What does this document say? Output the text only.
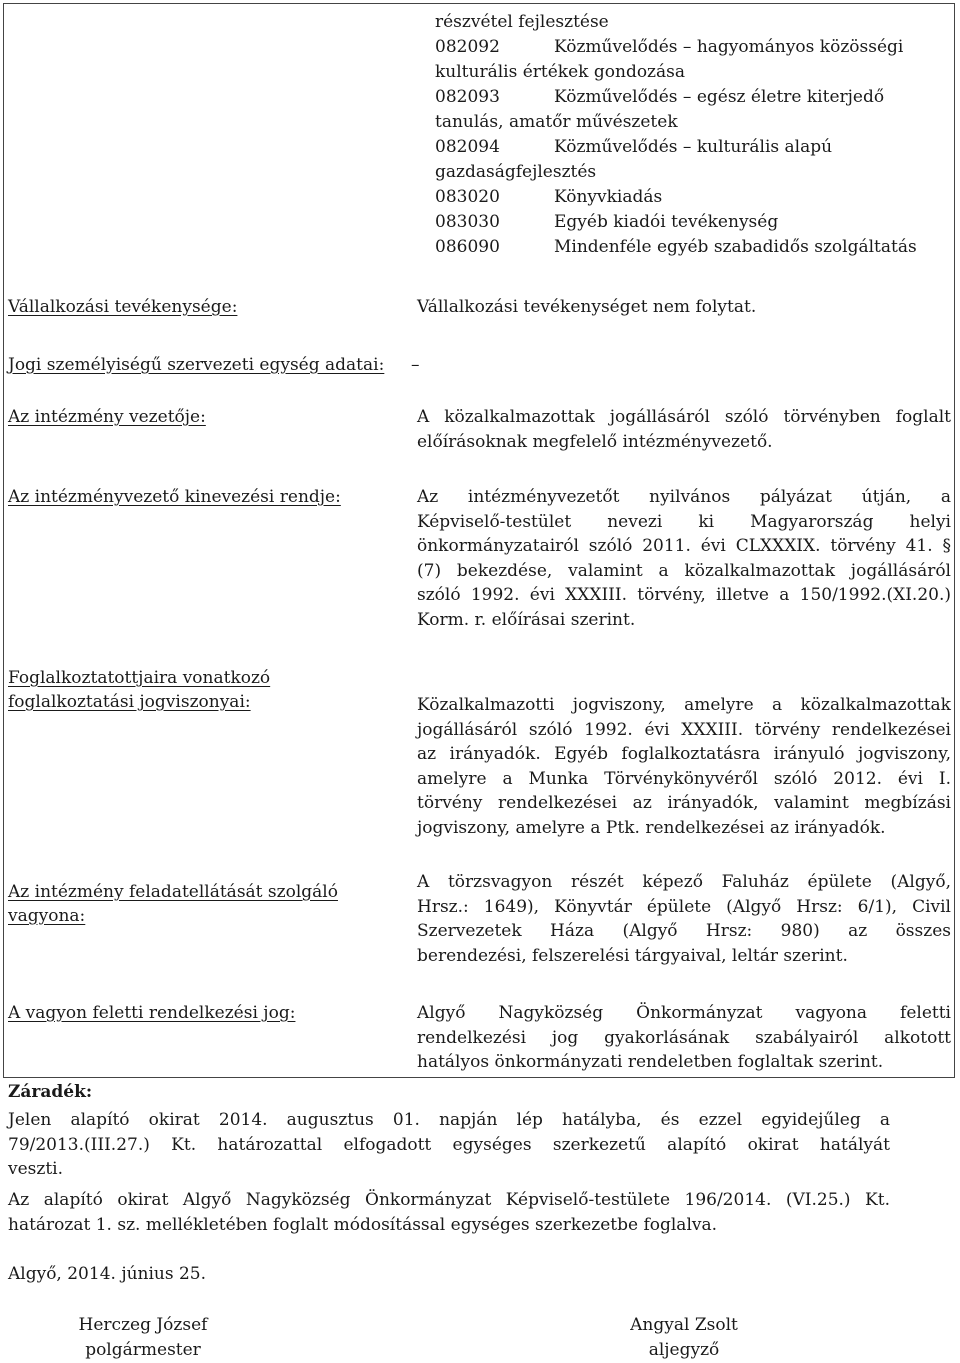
részvétel fejlesztése
082092	Közművelődés – hagyományos közösségi
kulturális értékek gondozása
082093	Közművelődés – egész életre kiterjedő
tanulás, amatőr művészetek
082094	Közművelődés – kulturális alapú
gazdaságfejlesztés
083020	Könyvkiadás
083030	Egyéb kiadói tevékenység
086090	Mindenféle egyéb szabadidős szolgáltatás
Vállalkozási tevékenysége:	Vállalkozási tevékenységet nem folytat.
Jogi személyiségű szervezeti egység adatai: –
Az intézmény vezetője:	A közalkalmazottak jogállásáról szóló törvényben foglalt
előírásoknak megfelelő intézményvezető.
Az intézményvezető kinevezési rendje:	Az intézményvezetőt nyilvános pályázat útján, a
Képviselő-testület nevezi ki Magyarország helyi
önkormányzatairól szóló 2011. évi CLXXXIX. törvény 41. §
(7) bekezdése, valamint a közalkalmazottak jogállásáról
szóló 1992. évi XXXIII. törvény, illetve a 150/1992.(XI.20.)
Korm. r. előírásai szerint.
Foglalkoztatottjaira vonatkozó
foglalkoztatási jogviszonyai:	Közalkalmazotti jogviszony, amelyre a közalkalmazottak
jogállásáról szóló 1992. évi XXXIII. törvény rendelkezései
az irányadók. Egyéb foglalkoztatásra irányuló jogviszony,
amelyre a Munka Törvénykönyvéről szóló 2012. évi I.
törvény rendelkezései az irányadók, valamint megbízási
jogviszony, amelyre a Ptk. rendelkezései az irányadók.
Az intézmény feladatellátását szolgáló
vagyona:
A törzsvagyon részét képező Faluház épülete (Algyő,
Hrsz.: 1649), Könyvtár épülete (Algyő Hrsz: 6/1), Civil
Szervezetek Háza (Algyő Hrsz: 980) az összes
berendezési, felszerelési tárgyaival, leltár szerint.
A vagyon feletti rendelkezési jog:	Algyő Nagyközség Önkormányzat vagyona feletti
rendelkezési jog gyakorlásának szabályairól alkotott
hatályos önkormányzati rendeletben foglaltak szerint.
Záradék:
Jelen alapító okirat 2014. augusztus 01. napján lép hatályba, és ezzel egyidejűleg a
79/2013.(III.27.) Kt. határozattal elfogadott egységes szerkezetű alapító okirat hatályát
veszti.
Az alapító okirat Algyő Nagyközség Önkormányzat Képviselő-testülete 196/2014. (VI.25.) Kt.
határozat 1. sz. mellékletében foglalt módosítással egységes szerkezetbe foglalva.
Algyő, 2014. június 25.
Herczeg József
polgármester
Angyal Zsolt
aljegyző
